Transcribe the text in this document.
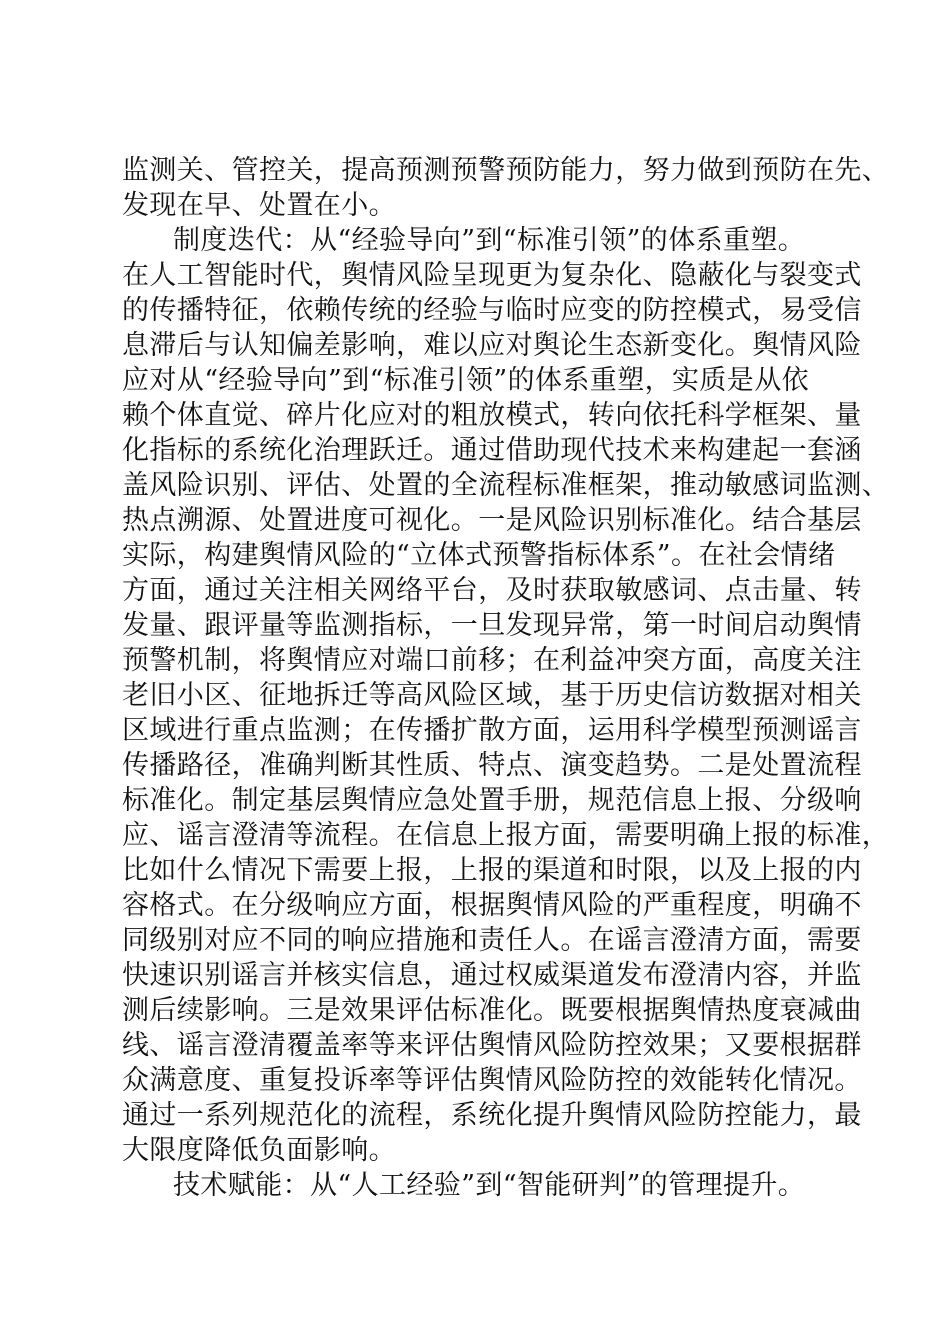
监测关、管控关，提高预测预警预防能力，努力做到预防在先、
发现在早、处置在小。
制度迭代：从“经验导向”到“标准引领”的体系重塑。
在人工智能时代，舆情风险呈现更为复杂化、隐蔽化与裂变式
的传播特征，依赖传统的经验与临时应变的防控模式，易受信
息滞后与认知偏差影响，难以应对舆论生态新变化。舆情风险
应对从“经验导向”到“标准引领”的体系重塑，实质是从依
赖个体直觉、碎片化应对的粗放模式，转向依托科学框架、量
化指标的系统化治理跃迁。通过借助现代技术来构建起一套涵
盖风险识别、评估、处置的全流程标准框架，推动敏感词监测、
热点溯源、处置进度可视化。一是风险识别标准化。结合基层
实际，构建舆情风险的“立体式预警指标体系”。在社会情绪
方面，通过关注相关网络平台，及时获取敏感词、点击量、转
发量、跟评量等监测指标，一旦发现异常，第一时间启动舆情
预警机制，将舆情应对端口前移；在利益冲突方面，高度关注
老旧小区、征地拆迁等高风险区域，基于历史信访数据对相关
区域进行重点监测；在传播扩散方面，运用科学模型预测谣言
传播路径，准确判断其性质、特点、演变趋势。二是处置流程
标准化。制定基层舆情应急处置手册，规范信息上报、分级响
应、谣言澄清等流程。在信息上报方面，需要明确上报的标准，
比如什么情况下需要上报，上报的渠道和时限，以及上报的内
容格式。在分级响应方面，根据舆情风险的严重程度，明确不
同级别对应不同的响应措施和责任人。在谣言澄清方面，需要
快速识别谣言并核实信息，通过权威渠道发布澄清内容，并监
测后续影响。三是效果评估标准化。既要根据舆情热度衰减曲
线、谣言澄清覆盖率等来评估舆情风险防控效果；又要根据群
众满意度、重复投诉率等评估舆情风险防控的效能转化情况。
通过一系列规范化的流程，系统化提升舆情风险防控能力，最
大限度降低负面影响。
技术赋能：从“人工经验”到“智能研判”的管理提升。
